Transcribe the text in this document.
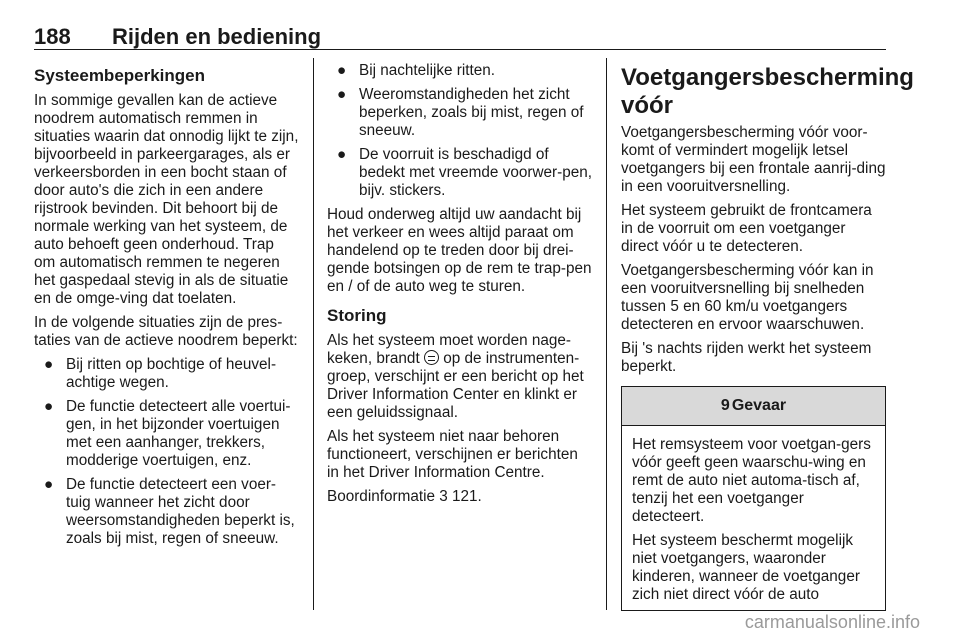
188 Rijden en bediening
Systeembeperkingen

In sommige gevallen kan de actieve noodrem automatisch remmen in situaties waarin dat onnodig lijkt te zijn, bijvoorbeeld in parkeergarages, als er verkeersborden in een bocht staan of door auto's die zich in een andere rijstrook bevinden. Dit behoort bij de normale werking van het systeem, de auto behoeft geen onderhoud. Trap om automatisch remmen te negeren het gaspedaal stevig in als de situatie en de omge-ving dat toelaten.

In de volgende situaties zijn de pres-taties van de actieve noodrem beperkt:

● Bij ritten op bochtige of heuvel-achtige wegen.
● De functie detecteert alle voertui-gen, in het bijzonder voertuigen met een aanhanger, trekkers, modderige voertuigen, enz.
● De functie detecteert een voer-tuig wanneer het zicht door weersomstandigheden beperkt is, zoals bij mist, regen of sneeuw.
● Bij nachtelijke ritten.
● Weeromstandigheden het zicht beperken, zoals bij mist, regen of sneeuw.
● De voorruit is beschadigd of bedekt met vreemde voorwer-pen, bijv. stickers.

Houd onderweg altijd uw aandacht bij het verkeer en wees altijd paraat om handelend op te treden door bij drei-gende botsingen op de rem te trap-pen en / of de auto weg te sturen.

Storing

Als het systeem moet worden nage-keken, brandt op de instrumenten-groep, verschijnt er een bericht op het Driver Information Center en klinkt er een geluidssignaal.

Als het systeem niet naar behoren functioneert, verschijnen er berichten in het Driver Information Centre.

Boordinformatie 3 121.

Voetgangersbescherming vóór

Voetgangersbescherming vóór voor-komt of vermindert mogelijk letsel voetgangers bij een frontale aanrij-ding in een vooruitversnelling.

Het systeem gebruikt de frontcamera in de voorruit om een voetganger direct vóór u te detecteren.

Voetgangersbescherming vóór kan in een vooruitversnelling bij snelheden tussen 5 en 60 km/u voetgangers detecteren en ervoor waarschuwen.

Bij 's nachts rijden werkt het systeem beperkt.

9 Gevaar

Het remsysteem voor voetgan-gers vóór geeft geen waarschu-wing en remt de auto niet automa-tisch af, tenzij het een voetganger detecteert.

Het systeem beschermt mogelijk niet voetgangers, waaronder kinderen, wanneer de voetganger zich niet direct vóór de auto

carmanualsonline.info
